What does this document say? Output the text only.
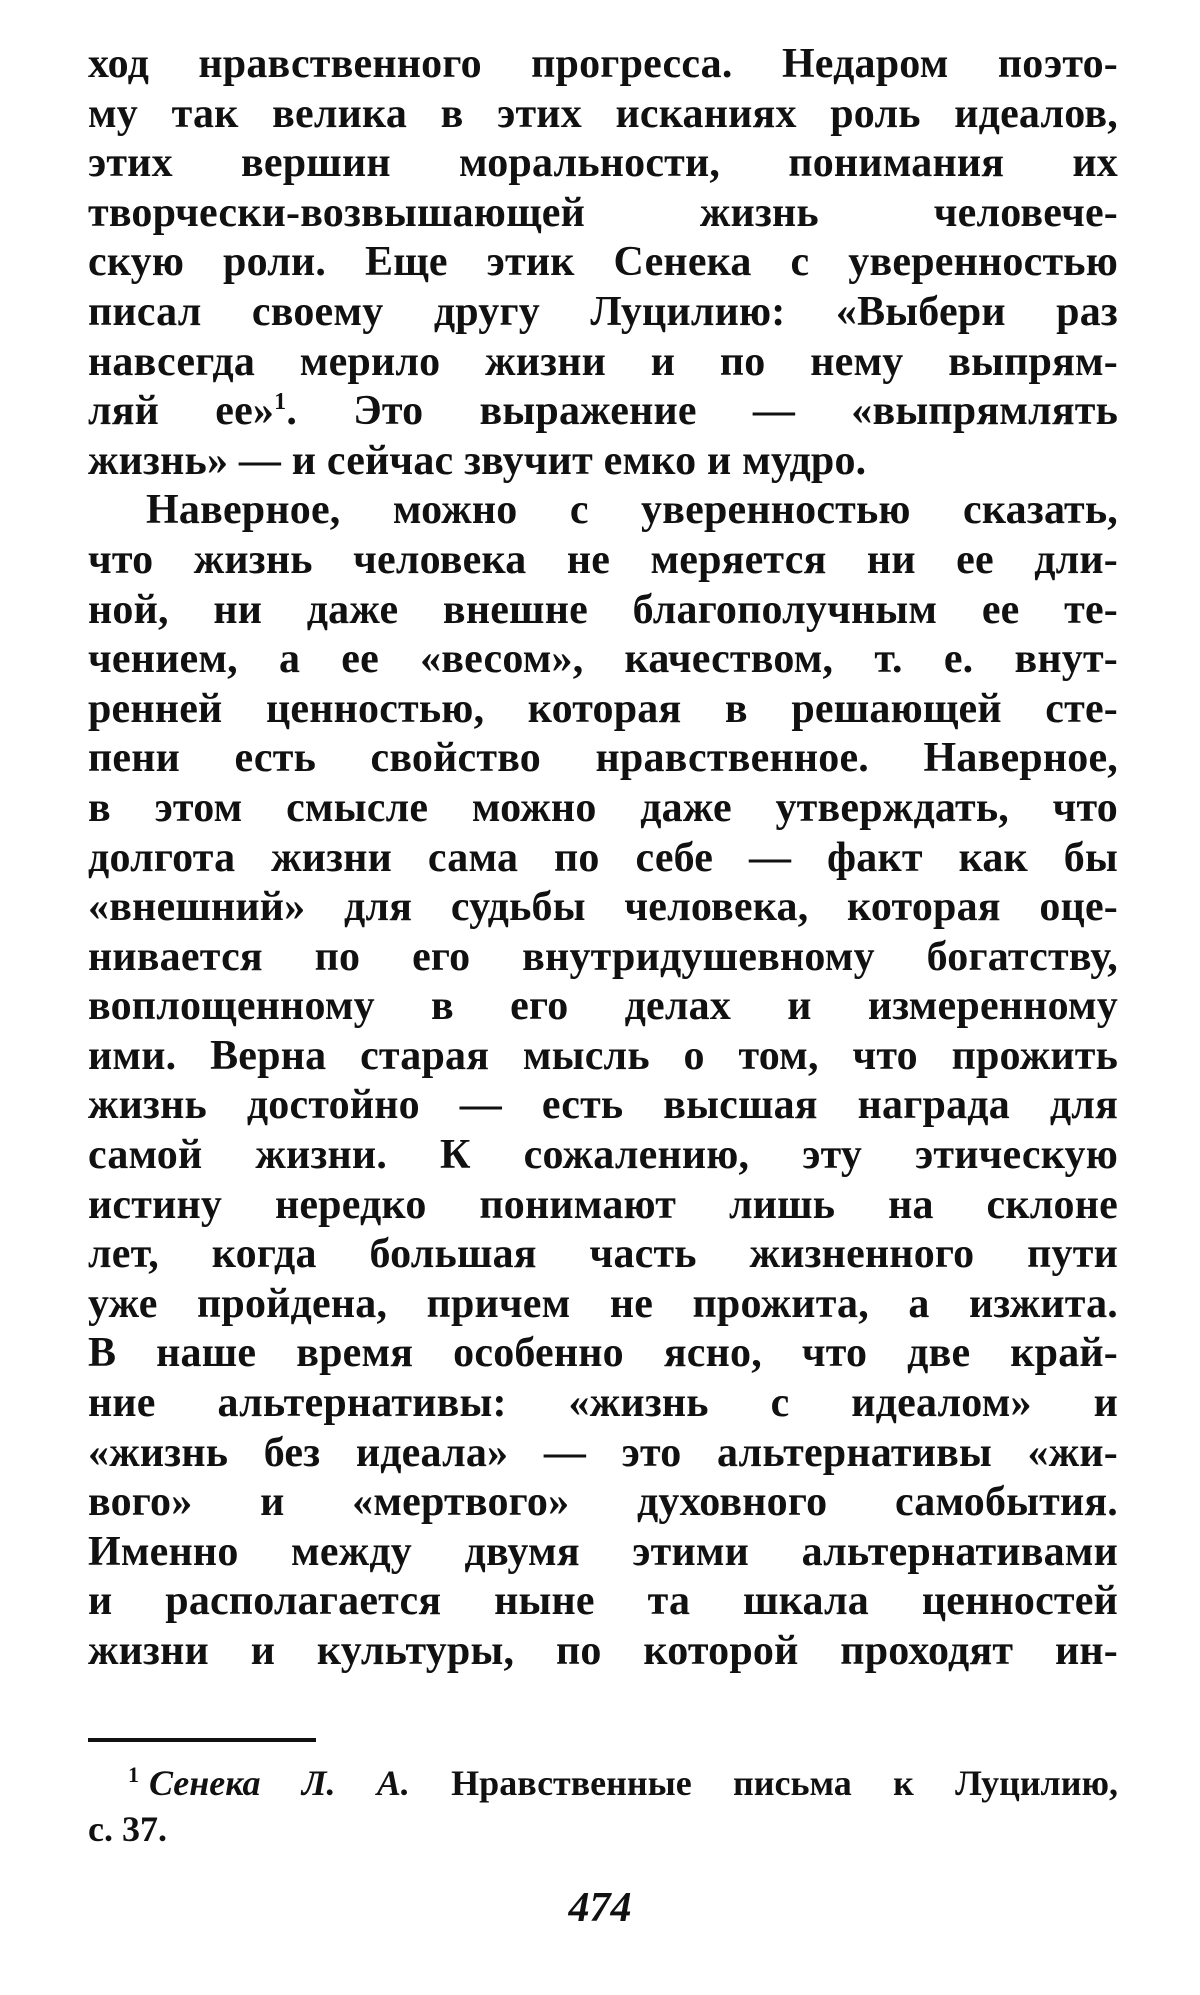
ход нравственного прогресса. Недаром поэто-
му так велика в этих исканиях роль идеалов,
этих вершин моральности, понимания их
творчески-возвышающей жизнь человече-
скую роли. Еще этик Сенека с уверенностью
писал своему другу Луцилию: «Выбери раз
навсегда мерило жизни и по нему выпрям-
ляй ее»$^1$. Это выражение — «выпрямлять
жизнь» — и сейчас звучит емко и мудро.
Наверное, можно с уверенностью сказать,
что жизнь человека не меряется ни ее дли-
ной, ни даже внешне благополучным ее те-
чением, а ее «весом», качеством, т. е. внут-
ренней ценностью, которая в решающей сте-
пени есть свойство нравственное. Наверное,
в этом смысле можно даже утверждать, что
долгота жизни сама по себе — факт как бы
«внешний» для судьбы человека, которая оце-
нивается по его внутридушевному богатству,
воплощенному в его делах и измеренному
ими. Верна старая мысль о том, что прожить
жизнь достойно — есть высшая награда для
самой жизни. К сожалению, эту этическую
истину нередко понимают лишь на склоне
лет, когда большая часть жизненного пути
уже пройдена, причем не прожита, а изжита.
В наше время особенно ясно, что две край-
ние альтернативы: «жизнь с идеалом» и
«жизнь без идеала» — это альтернативы «жи-
вого» и «мертвого» духовного самобытия.
Именно между двумя этими альтернативами
и располагается ныне та шкала ценностей
жизни и культуры, по которой проходят ин-
$^1$ Сенека Л. А. Нравственные письма к Луцилию,
с. 37.
474
